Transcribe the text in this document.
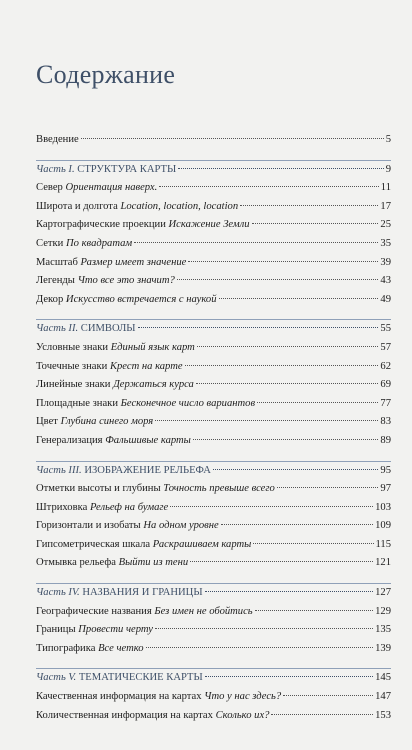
Содержание
Введение	5
Часть I. СТРУКТУРА КАРТЫ	9
Север Ориентация наверх.	11
Широта и долгота Location, location, location	17
Картографические проекции Искажение Земли	25
Сетки По квадратам	35
Масштаб Размер имеет значение	39
Легенды Что все это значит?	43
Декор Искусство встречается с наукой	49
Часть II. СИМВОЛЫ	55
Условные знаки Единый язык карт	57
Точечные знаки Крест на карте	62
Линейные знаки Держаться курса	69
Площадные знаки Бесконечное число вариантов	77
Цвет Глубина синего моря	83
Генерализация Фальшивые карты	89
Часть III. ИЗОБРАЖЕНИЕ РЕЛЬЕФА	95
Отметки высоты и глубины Точность превыше всего	97
Штриховка Рельеф на бумаге	103
Горизонтали и изобаты На одном уровне	109
Гипсометрическая шкала Раскрашиваем карты	115
Отмывка рельефа Выйти из тени	121
Часть IV. НАЗВАНИЯ И ГРАНИЦЫ	127
Географические названия Без имен не обойтись	129
Границы Провести черту	135
Типографика Все четко	139
Часть V. ТЕМАТИЧЕСКИЕ КАРТЫ	145
Качественная информация на картах Что у нас здесь?	147
Количественная информация на картах Сколько их?	153
